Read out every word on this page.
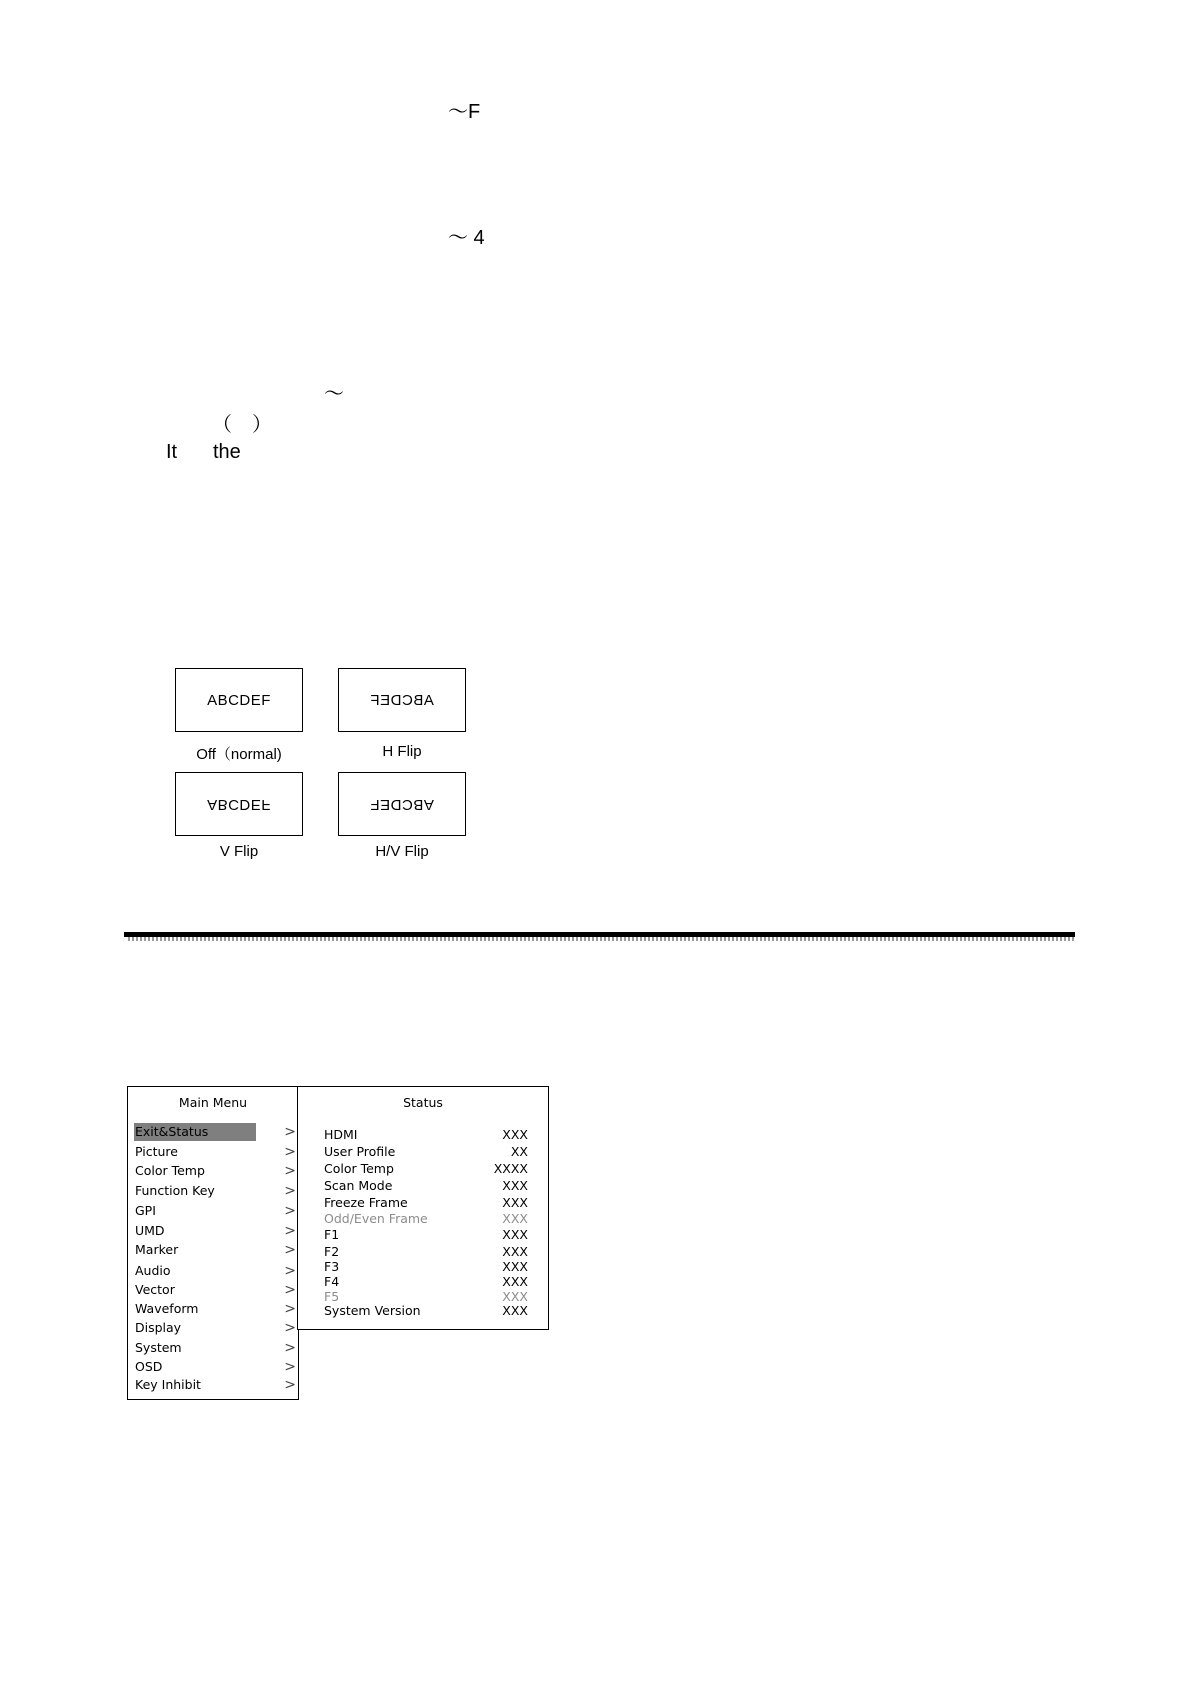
～F
～ 4
～
（　）
It the
ABCDEF
Off（normal)
ABCDEF
H Flip
ABCDEF
V Flip
ABCDEF
H/V Flip
Main Menu
Exit&Status	>
Picture	>
Color Temp	>
Function Key	>
GPI	>
UMD	>
Marker	>
Audio	>
Vector	>
Waveform	>
Display	>
System	>
OSD	>
Key Inhibit	>
Status
HDMI	XXX
User Profile	XX
Color Temp	XXXX
Scan Mode	XXX
Freeze Frame	XXX
Odd/Even Frame	XXX
F1	XXX
F2	XXX
F3	XXX
F4	XXX
F5	XXX
System Version	XXX
